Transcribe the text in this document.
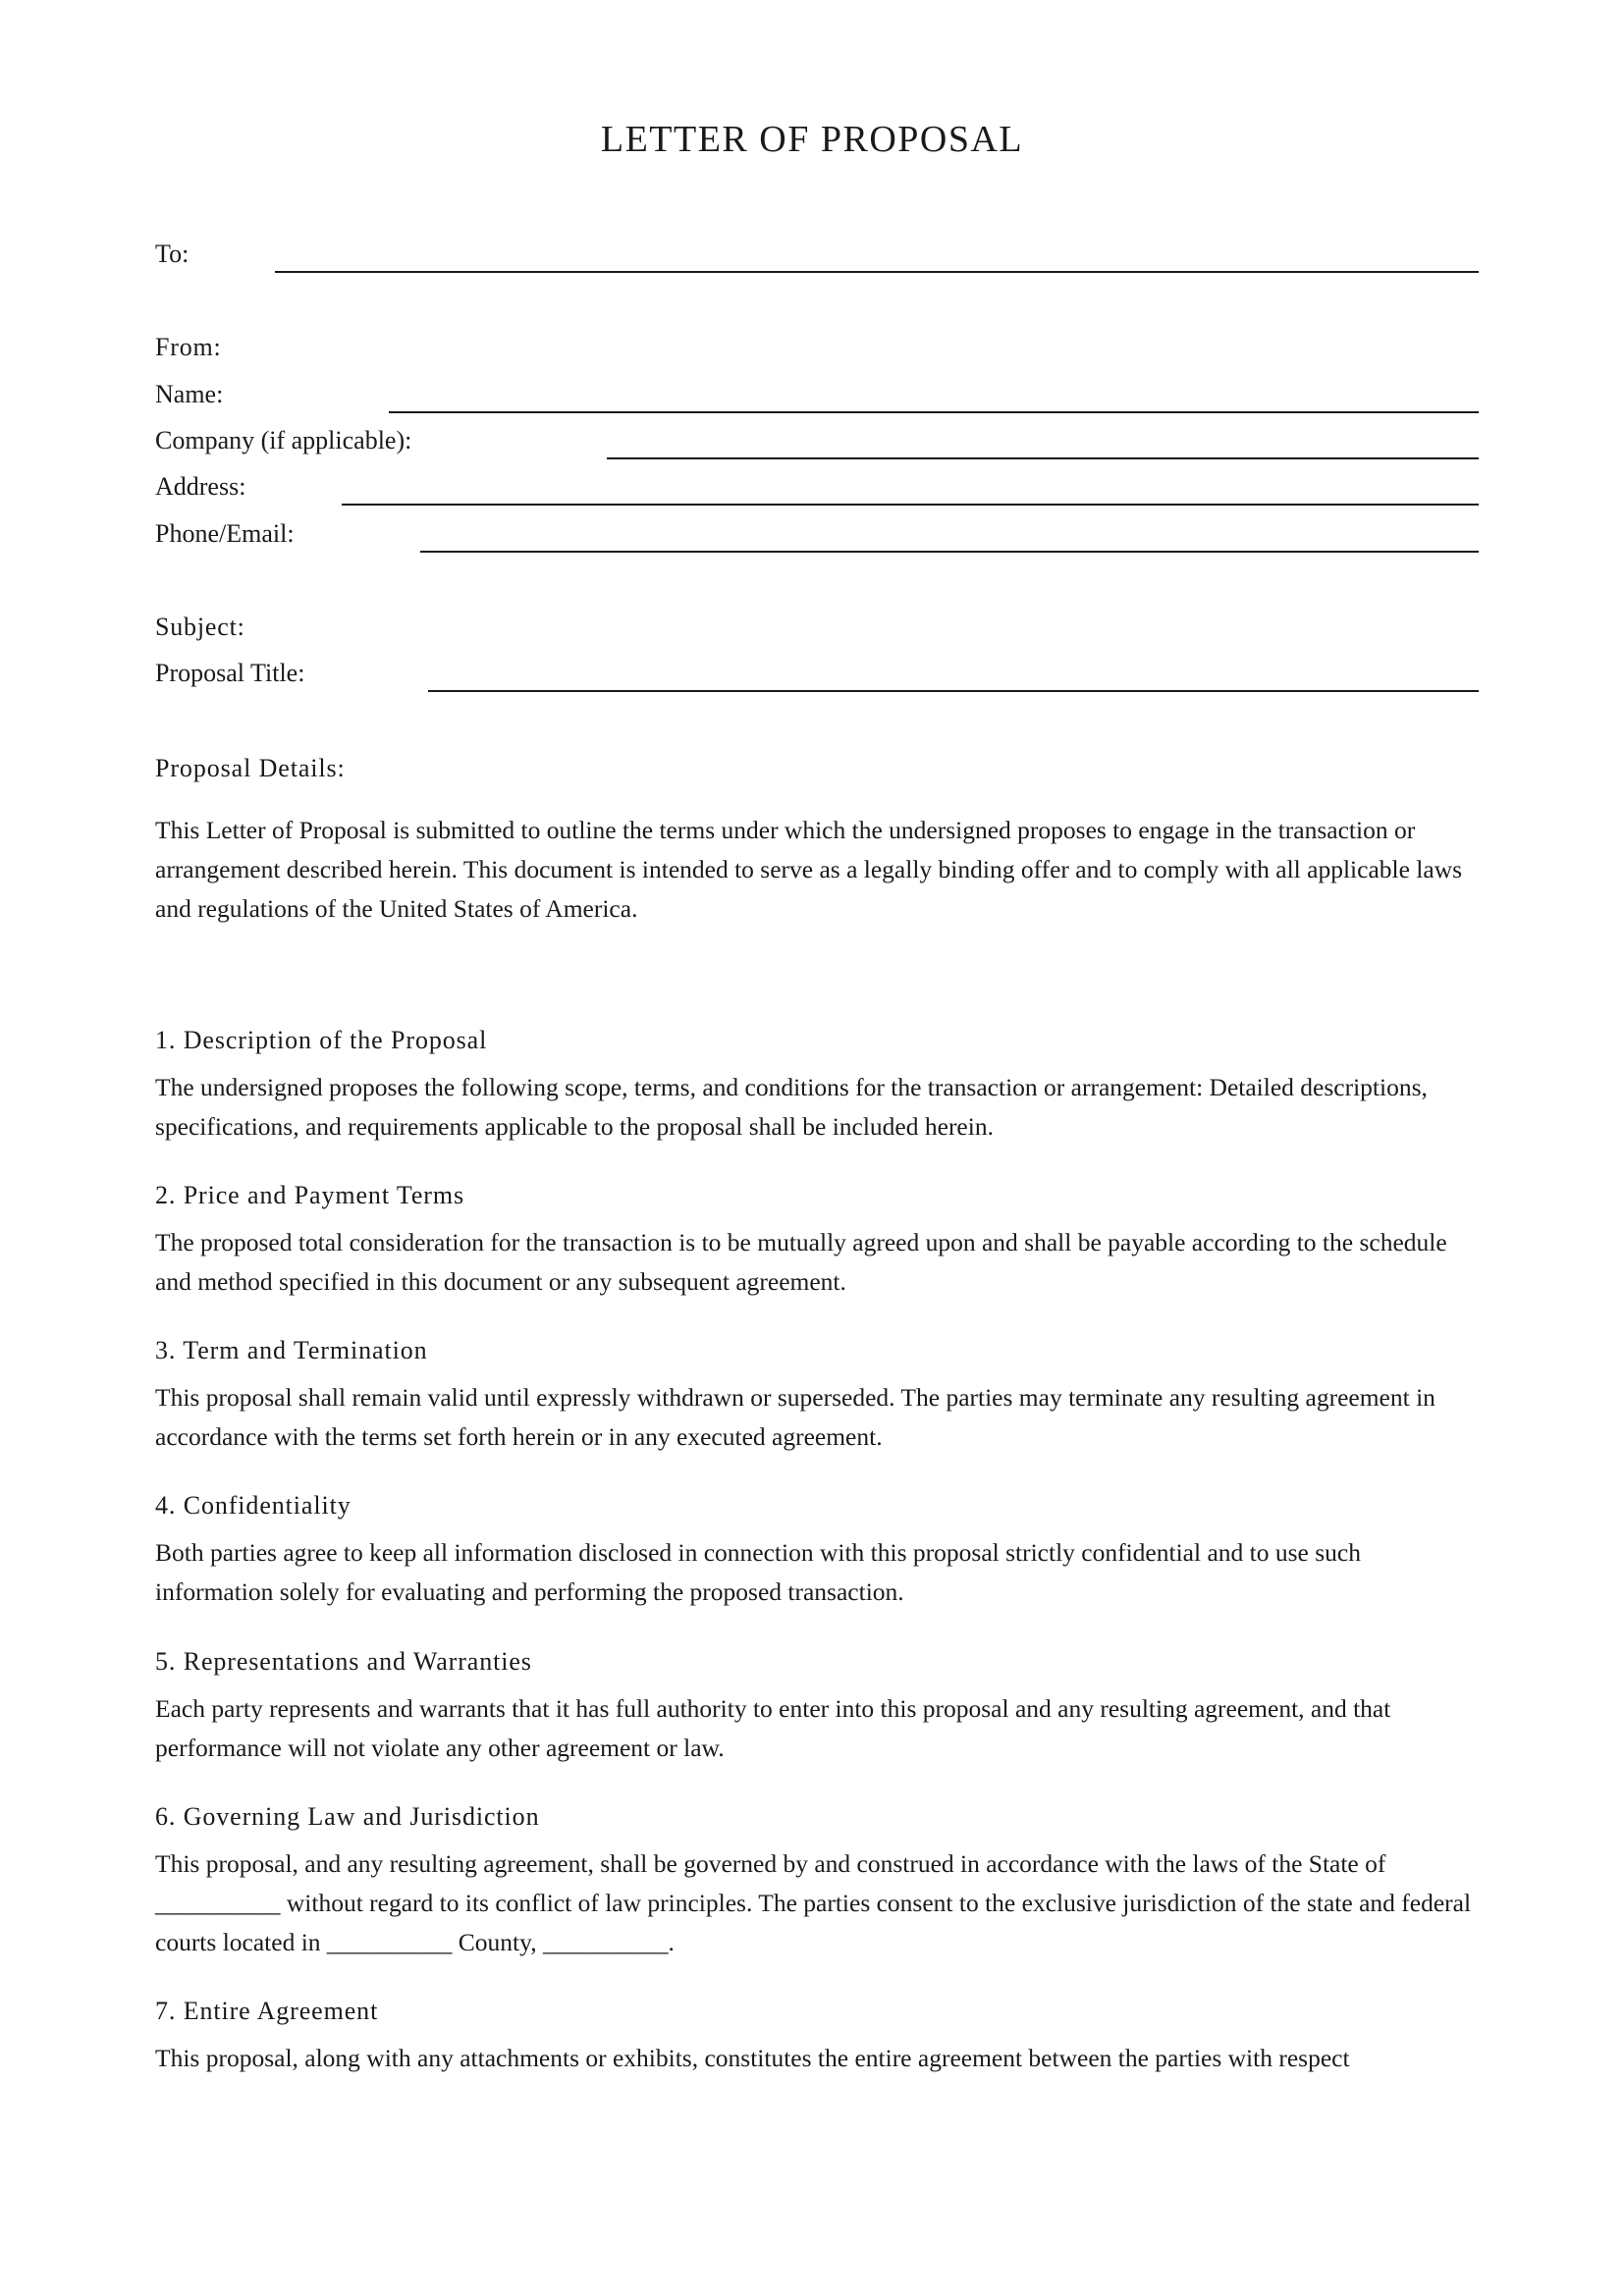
LETTER OF PROPOSAL
To:
From:
Name:
Company (if applicable):
Address:
Phone/Email:
Subject:
Proposal Title:
Proposal Details:

This Letter of Proposal is submitted to outline the terms under which the undersigned proposes to engage in the transaction or arrangement described herein. This document is intended to serve as a legally binding offer and to comply with all applicable laws and regulations of the United States of America.

1. Description of the Proposal

The undersigned proposes the following scope, terms, and conditions for the transaction or arrangement: Detailed descriptions, specifications, and requirements applicable to the proposal shall be included herein.

2. Price and Payment Terms

The proposed total consideration for the transaction is to be mutually agreed upon and shall be payable according to the schedule and method specified in this document or any subsequent agreement.

3. Term and Termination

This proposal shall remain valid until expressly withdrawn or superseded. The parties may terminate any resulting agreement in accordance with the terms set forth herein or in any executed agreement.

4. Confidentiality

Both parties agree to keep all information disclosed in connection with this proposal strictly confidential and to use such information solely for evaluating and performing the proposed transaction.

5. Representations and Warranties

Each party represents and warrants that it has full authority to enter into this proposal and any resulting agreement, and that performance will not violate any other agreement or law.

6. Governing Law and Jurisdiction

This proposal, and any resulting agreement, shall be governed by and construed in accordance with the laws of the State of __________ without regard to its conflict of law principles. The parties consent to the exclusive jurisdiction of the state and federal courts located in __________ County, __________.

7. Entire Agreement

This proposal, along with any attachments or exhibits, constitutes the entire agreement between the parties with respect
